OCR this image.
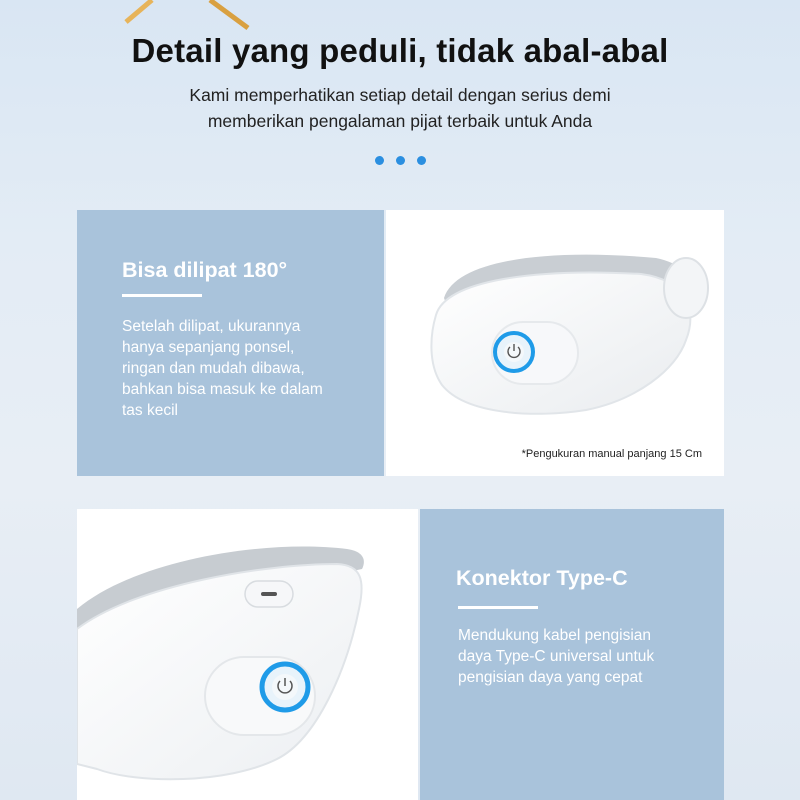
Detail yang peduli, tidak abal-abal
Kami memperhatikan setiap detail dengan serius demi
memberikan pengalaman pijat terbaik untuk Anda
Bisa dilipat 180°
Setelah dilipat, ukurannya
hanya sepanjang ponsel,
ringan dan mudah dibawa,
bahkan bisa masuk ke dalam
tas kecil
*Pengukuran manual panjang 15 Cm
Konektor Type-C
Mendukung kabel pengisian
daya Type-C universal untuk
pengisian daya yang cepat
